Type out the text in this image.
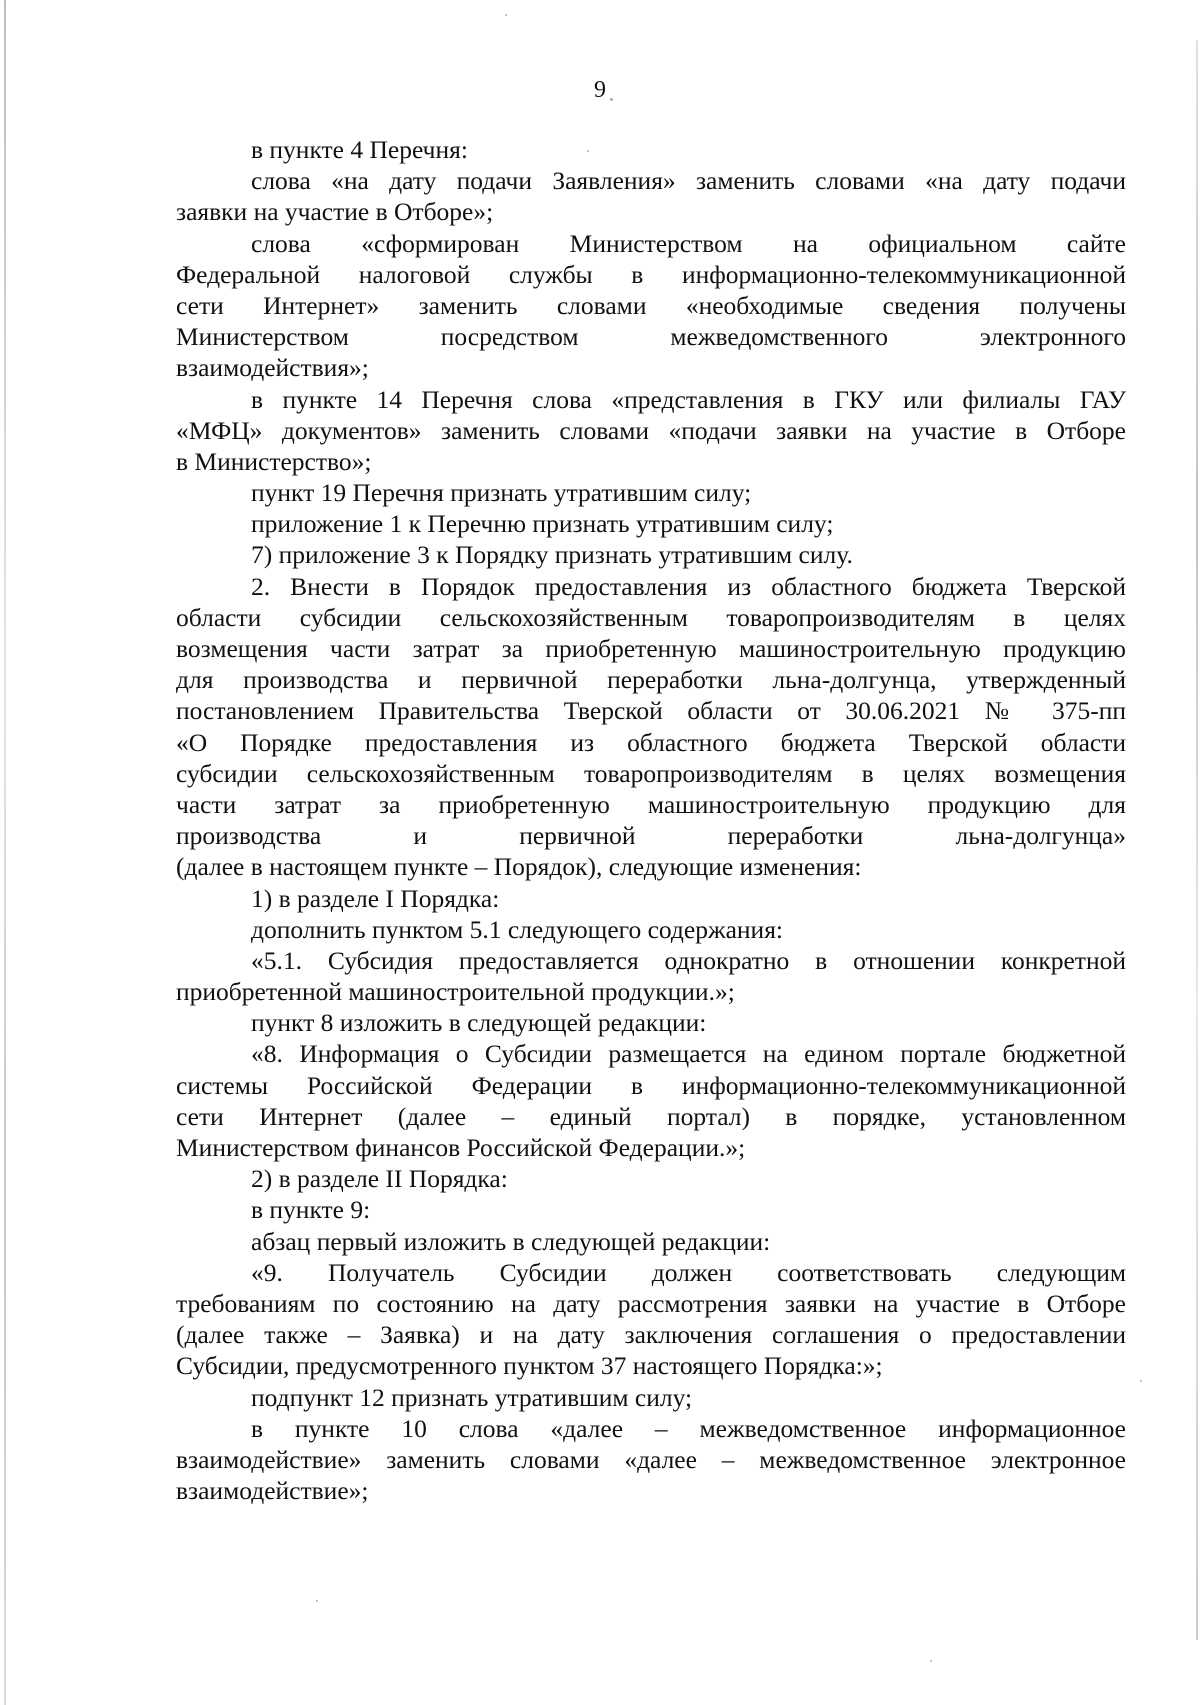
9
в пункте 4 Перечня:
слова «на дату подачи Заявления» заменить словами «на дату подачи
заявки на участие в Отборе»;
слова «сформирован Министерством на официальном сайте
Федеральной налоговой службы в информационно-телекоммуникационной
сети Интернет» заменить словами «необходимые сведения получены
Министерством посредством межведомственного электронного
взаимодействия»;
в пункте 14 Перечня слова «представления в ГКУ или филиалы ГАУ
«МФЦ» документов» заменить словами «подачи заявки на участие в Отборе
в Министерство»;
пункт 19 Перечня признать утратившим силу;
приложение 1 к Перечню признать утратившим силу;
7) приложение 3 к Порядку признать утратившим силу.
2. Внести в Порядок предоставления из областного бюджета Тверской
области субсидии сельскохозяйственным товаропроизводителям в целях
возмещения части затрат за приобретенную машиностроительную продукцию
для производства и первичной переработки льна-долгунца, утвержденный
постановлением Правительства Тверской области от 30.06.2021 № 375-пп
«О Порядке предоставления из областного бюджета Тверской области
субсидии сельскохозяйственным товаропроизводителям в целях возмещения
части затрат за приобретенную машиностроительную продукцию для
производства и первичной переработки льна-долгунца»
(далее в настоящем пункте – Порядок), следующие изменения:
1) в разделе I Порядка:
дополнить пунктом 5.1 следующего содержания:
«5.1. Субсидия предоставляется однократно в отношении конкретной
приобретенной машиностроительной продукции.»;
пункт 8 изложить в следующей редакции:
«8. Информация о Субсидии размещается на едином портале бюджетной
системы Российской Федерации в информационно-телекоммуникационной
сети Интернет (далее – единый портал) в порядке, установленном
Министерством финансов Российской Федерации.»;
2) в разделе II Порядка:
в пункте 9:
абзац первый изложить в следующей редакции:
«9. Получатель Субсидии должен соответствовать следующим
требованиям по состоянию на дату рассмотрения заявки на участие в Отборе
(далее также – Заявка) и на дату заключения соглашения о предоставлении
Субсидии, предусмотренного пунктом 37 настоящего Порядка:»;
подпункт 12 признать утратившим силу;
в пункте 10 слова «далее – межведомственное информационное
взаимодействие» заменить словами «далее – межведомственное электронное
взаимодействие»;
